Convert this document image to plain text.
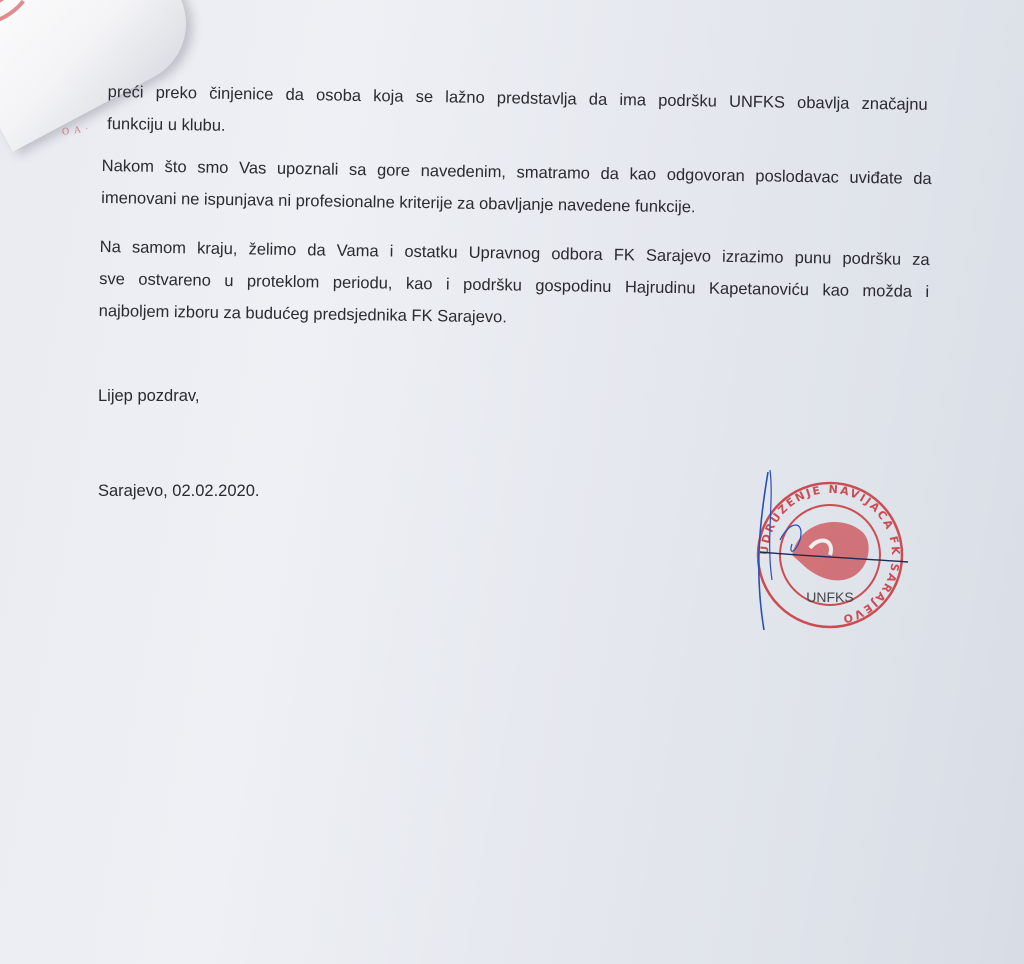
O A ·
preći preko činjenice da osoba koja se lažno predstavlja da ima podršku UNFKS obavlja značajnu
funkciju u klubu.
Nakom što smo Vas upoznali sa gore navedenim, smatramo da kao odgovoran poslodavac uviđate da
imenovani ne ispunjava ni profesionalne kriterije za obavljanje navedene funkcije.
Na samom kraju, želimo da Vama i ostatku Upravnog odbora FK Sarajevo izrazimo punu podršku za
sve ostvareno u proteklom periodu, kao i podršku gospodinu Hajrudinu Kapetanoviću kao možda i
najboljem izboru za budućeg predsjednika FK Sarajevo.
Lijep pozdrav,
Sarajevo, 02.02.2020.
UDRUŽENJE NAVIJAČA FK SARAJEVO
UNFKS
